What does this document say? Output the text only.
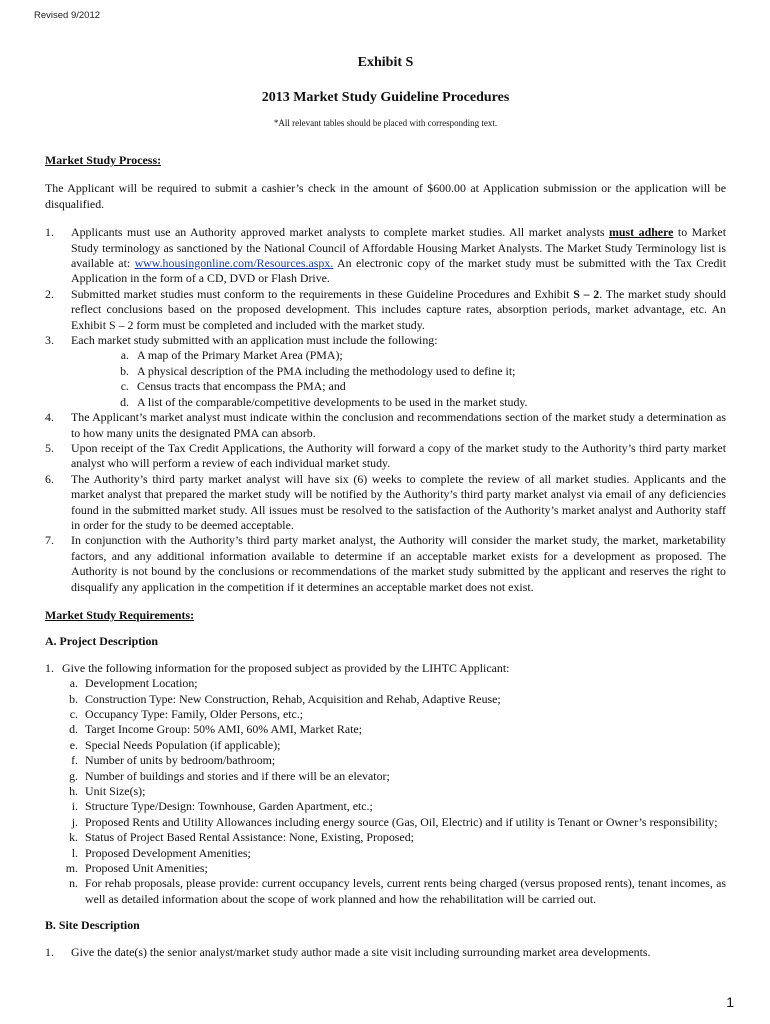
Revised 9/2012
Exhibit S
2013 Market Study Guideline Procedures
*All relevant tables should be placed with corresponding text.
Market Study Process:

The Applicant will be required to submit a cashier’s check in the amount of $600.00 at Application submission or the application will be disqualified.

1. Applicants must use an Authority approved market analysts to complete market studies. All market analysts must adhere to Market Study terminology as sanctioned by the National Council of Affordable Housing Market Analysts. The Market Study Terminology list is available at: www.housingonline.com/Resources.aspx. An electronic copy of the market study must be submitted with the Tax Credit Application in the form of a CD, DVD or Flash Drive.
2. Submitted market studies must conform to the requirements in these Guideline Procedures and Exhibit S – 2. The market study should reflect conclusions based on the proposed development. This includes capture rates, absorption periods, market advantage, etc. An Exhibit S – 2 form must be completed and included with the market study.
3. Each market study submitted with an application must include the following:
a. A map of the Primary Market Area (PMA);
b. A physical description of the PMA including the methodology used to define it;
c. Census tracts that encompass the PMA; and
d. A list of the comparable/competitive developments to be used in the market study.
4. The Applicant’s market analyst must indicate within the conclusion and recommendations section of the market study a determination as to how many units the designated PMA can absorb.
5. Upon receipt of the Tax Credit Applications, the Authority will forward a copy of the market study to the Authority’s third party market analyst who will perform a review of each individual market study.
6. The Authority’s third party market analyst will have six (6) weeks to complete the review of all market studies. Applicants and the market analyst that prepared the market study will be notified by the Authority’s third party market analyst via email of any deficiencies found in the submitted market study. All issues must be resolved to the satisfaction of the Authority’s market analyst and Authority staff in order for the study to be deemed acceptable.
7. In conjunction with the Authority’s third party market analyst, the Authority will consider the market study, the market, marketability factors, and any additional information available to determine if an acceptable market exists for a development as proposed. The Authority is not bound by the conclusions or recommendations of the market study submitted by the applicant and reserves the right to disqualify any application in the competition if it determines an acceptable market does not exist.
Market Study Requirements:
A. Project Description
1. Give the following information for the proposed subject as provided by the LIHTC Applicant:
a. Development Location;
b. Construction Type: New Construction, Rehab, Acquisition and Rehab, Adaptive Reuse;
c. Occupancy Type: Family, Older Persons, etc.;
d. Target Income Group: 50% AMI, 60% AMI, Market Rate;
e. Special Needs Population (if applicable);
f. Number of units by bedroom/bathroom;
g. Number of buildings and stories and if there will be an elevator;
h. Unit Size(s);
i. Structure Type/Design: Townhouse, Garden Apartment, etc.;
j. Proposed Rents and Utility Allowances including energy source (Gas, Oil, Electric) and if utility is Tenant or Owner’s responsibility;
k. Status of Project Based Rental Assistance: None, Existing, Proposed;
l. Proposed Development Amenities;
m. Proposed Unit Amenities;
n. For rehab proposals, please provide: current occupancy levels, current rents being charged (versus proposed rents), tenant incomes, as well as detailed information about the scope of work planned and how the rehabilitation will be carried out.
B. Site Description
1. Give the date(s) the senior analyst/market study author made a site visit including surrounding market area developments.
1
